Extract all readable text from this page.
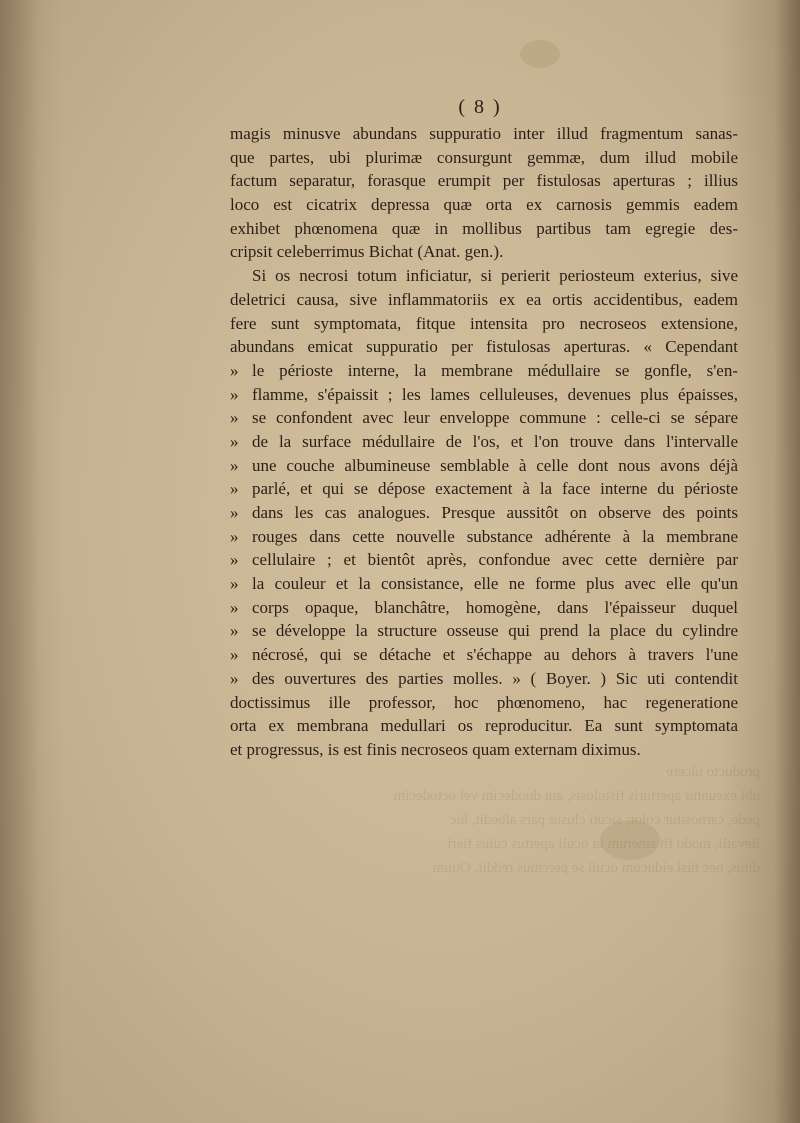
producto ulcere
ubi exeuntur aperturis fistulosis, aut duodecim vel octodecim
pede, carnositur color; sicuti clusur pars albedit, hic
ilevatli, modo fit sinerum ut oculi apertus cuius fieri
ditus, nec nisi eiducum oculi se peremus reddit. Otium

( 8 )

magis minusve abundans suppuratio inter illud fragmentum sanas-
que partes, ubi plurimæ consurgunt gemmæ, dum illud mobile
factum separatur, forasque erumpit per fistulosas aperturas ; illius
loco est cicatrix depressa quæ orta ex carnosis gemmis eadem
exhibet phœnomena quæ in mollibus partibus tam egregie des-
cripsit celeberrimus Bichat (Anat. gen.).
Si os necrosi totum inficiatur, si perierit periosteum exterius, sive
deletrici causa, sive inflammatoriis ex ea ortis accidentibus, eadem
fere sunt symptomata, fitque intensita pro necroseos extensione,
abundans emicat suppuratio per fistulosas aperturas. « Cependant
» le périoste interne, la membrane médullaire se gonfle, s'en-
» flamme, s'épaissit ; les lames celluleuses, devenues plus épaisses,
» se confondent avec leur enveloppe commune : celle-ci se sépare
» de la surface médullaire de l'os, et l'on trouve dans l'intervalle
» une couche albumineuse semblable à celle dont nous avons déjà
» parlé, et qui se dépose exactement à la face interne du périoste
» dans les cas analogues. Presque aussitôt on observe des points
» rouges dans cette nouvelle substance adhérente à la membrane
» cellulaire ; et bientôt après, confondue avec cette dernière par
» la couleur et la consistance, elle ne forme plus avec elle qu'un
» corps opaque, blanchâtre, homogène, dans l'épaisseur duquel
» se développe la structure osseuse qui prend la place du cylindre
» nécrosé, qui se détache et s'échappe au dehors à travers l'une
» des ouvertures des parties molles. » ( Boyer. ) Sic uti contendit
doctissimus ille professor, hoc phœnomeno, hac regeneratione
orta ex membrana medullari os reproducitur. Ea sunt symptomata
et progressus, is est finis necroseos quam externam diximus.
